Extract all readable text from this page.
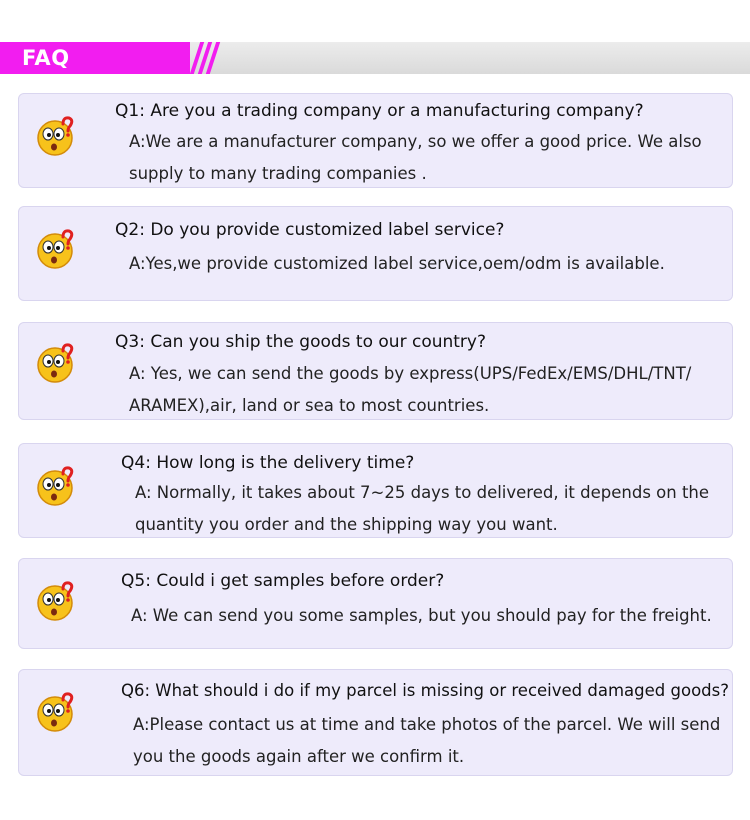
FAQ
Q1: Are you a trading company or a manufacturing company?
A:We are a manufacturer company, so we offer a good price. We also supply to many trading companies .
Q2: Do you provide customized label service?
A:Yes,we provide customized label service,oem/odm is available.
Q3: Can you ship the goods to our country?
A: Yes, we can send the goods by express(UPS/FedEx/EMS/DHL/TNT/ ARAMEX),air, land or sea to most countries.
Q4: How long is the delivery time?
A: Normally, it takes about 7~25 days to delivered, it depends on the quantity you order and the shipping way you want.
Q5: Could i get samples before order?
A: We can send you some samples, but you should pay for the freight.
Q6: What should i do if my parcel is missing or received damaged goods?
A:Please contact us at time and take photos of the parcel. We will send you the goods again after we confirm it.
